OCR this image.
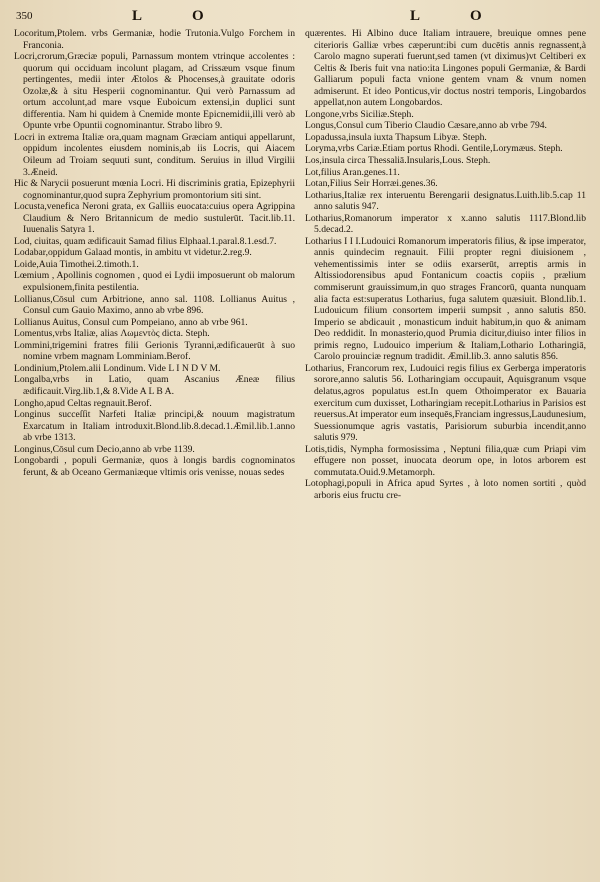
350	L	O	L	O

Locoritum,Ptolem. vrbs Germaniæ, hodie Trutonia.Vulgo Forchem in Franconia.

Locri,crorum,Græciæ populi, Parnassum montem vtrinque accolentes : quorum qui occiduam incolunt plagam, ad Crissæum vsque finum pertingentes, medii inter Ætolos & Phocenses,à grauitate odoris Ozolæ,& à situ Hesperii cognominantur. Qui verò Parnassum ad ortum accolunt,ad mare vsque Euboicum extensi,in duplici sunt differentia. Nam hi quidem à Cnemide monte Epicnemidii,illi verò ab Opunte vrbe Opuntii cognominantur. Strabo libro 9.

Locri in extrema Italiæ ora,quam magnam Græciam antiqui appellarunt, oppidum incolentes eiusdem nominis,ab iis Locris, qui Aiacem Oileum ad Troiam sequuti sunt, conditum. Seruius in illud Virgilii 3.Æneid.

Hic & Narycii posuerunt mœnia Locri. Hi discriminis gratia, Epizephyrii cognominantur,quod supra Zephyrium promontorium siti sint.

Locusta,venefica Neroni grata, ex Galliis euocata:cuius opera Agrippina Claudium & Nero Britannicum de medio sustulerūt. Tacit.lib.11. Iuuenalis Satyra 1.

Lod, ciuitas, quam ædificauit Samad filius Elphaal.1.paral.8.1.esd.7.

Lodabar,oppidum Galaad montis, in ambitu vt videtur.2.reg.9.

Loide,Auia Timothei.2.timoth.1.

Lœmium , Apollinis cognomen , quod ei Lydii imposuerunt ob malorum expulsionem,finita pestilentia.

Lollianus,Cōsul cum Arbitrione, anno sal. 1108. Lollianus Auitus , Consul cum Gauio Maximo, anno ab vrbe 896.

Lollianus Auitus, Consul cum Pompeiano, anno ab vrbe 961.

Lomentus,vrbs Italiæ, alias Λωμεντὸς dicta. Steph.

Lommini,trigemini fratres filii Gerionis Tyranni,ædificauerūt à suo nomine vrbem magnam Lomminiam.Berof.

Londinium,Ptolem.alii Londinum. Vide L I N D V M.

Longalba,vrbs in Latio, quam Ascanius Æneæ filius ædificauit.Virg.lib.1,& 8.Vide A L B A.

Longho,apud Celtas regnauit.Berof.

Longinus succeſſit Narfeti Italiæ principi,& nouum magistratum Exarcatum in Italiam introduxit.Blond.lib.8.decad.1.Æmil.lib.1.anno ab vrbe 1313.

Longinus,Cōsul cum Decio,anno ab vrbe 1139.

Longobardi , populi Germaniæ, quos à longis bardis cognominatos ferunt, & ab Oceano Germaniæque vltimis oris venisse, nouas sedes

quærentes. Hi Albino duce Italiam intrauere, breuique omnes pene citerioris Galliæ vrbes cæperunt:ibi cum ducētis annis regnassent,à Carolo magno superati fuerunt,sed tamen (vt diximus)vt Celtiberi ex Celtis & Iberis fuit vna natio:ita Lingones populi Germaniæ, & Bardi Galliarum populi facta vnione gentem vnam & vnum nomen admiserunt. Et ideo Ponticus,vir doctus nostri temporis, Lingobardos appellat,non autem Longobardos.

Longone,vrbs Siciliæ.Steph.

Longus,Consul cum Tiberio Claudio Cæsare,anno ab vrbe 794.

Lopadussa,insula iuxta Thapsum Libyæ. Steph.

Loryma,vrbs Cariæ.Etiam portus Rhodi. Gentile,Lorymæus. Steph.

Los,insula circa Thessaliā.Insularis,Lous. Steph.

Lot,filius Aran.genes.11.

Lotan,Filius Seir Horræi.genes.36.

Lotharius,Italiæ rex interuentu Berengarii designatus.Luith.lib.5.cap 11 anno salutis 947.

Lotharius,Romanorum imperator x x.anno salutis 1117.Blond.lib 5.decad.2.

Lotharius I I I.Ludouici Romanorum imperatoris filius, & ipse imperator, annis quindecim regnauit. Filii propter regni diuisionem , vehementissimis inter se odiis exarserūt, arreptis armis in Altissiodorensibus apud Fontanicum coactis copiis , prælium commiserunt grauissimum,in quo strages Francorū, quanta nunquam alia facta est:superatus Lotharius, fuga salutem quæsiuit. Blond.lib.1. Ludouicum filium consortem imperii sumpsit , anno salutis 850. Imperio se abdicauit , monasticum induit habitum,in quo & animam Deo reddidit. In monasterio,quod Prumia dicitur,diuiso inter filios in primis regno, Ludouico imperium & Italiam,Lothario Lotharingiā, Carolo prouinciæ regnum tradidit. Æmil.lib.3. anno salutis 856.

Lotharius, Francorum rex, Ludouici regis filius ex Gerberga imperatoris sorore,anno salutis 56. Lotharingiam occupauit, Aquisgranum vsque delatus,agros populatus est.In quem Othoimperator ex Bauaria exercitum cum duxisset, Lotharingiam recepit.Lotharius in Parisios est reuersus.At imperator eum insequēs,Franciam ingressus,Laudunesium, Suessionumque agris vastatis, Parisiorum suburbia incendit,anno salutis 979.

Lotis,tidis, Nympha formosissima , Neptuni filia,quæ cum Priapi vim effugere non posset, inuocata deorum ope, in lotos arborem est commutata.Ouid.9.Metamorph.

Lotophagi,populi in Africa apud Syrtes , à loto nomen sortiti , quòd arboris eius fructu cre-
